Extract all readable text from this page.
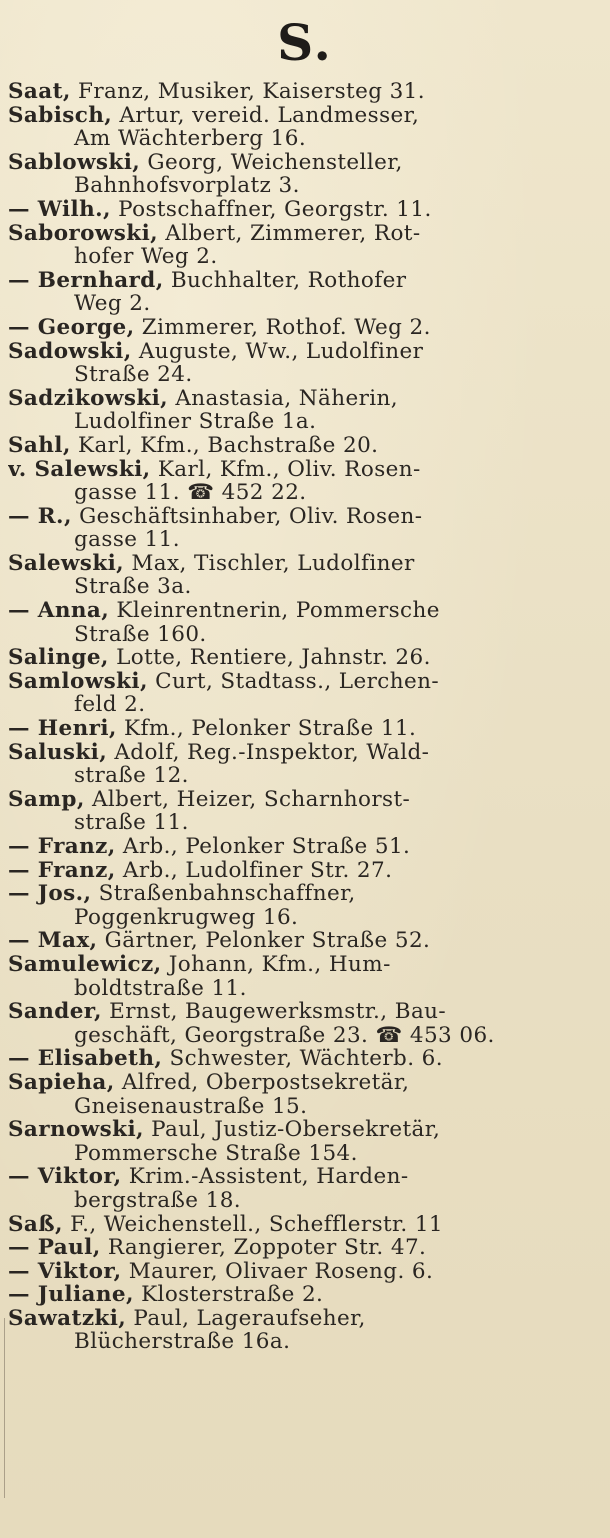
S.
Saat, Franz, Musiker, Kaisersteg 31.
Sabisch, Artur, vereid. Landmesser,
Am Wächterberg 16.
Sablowski, Georg, Weichensteller,
Bahnhofsvorplatz 3.
— Wilh., Postschaffner, Georgstr. 11.
Saborowski, Albert, Zimmerer, Rot-
hofer Weg 2.
— Bernhard, Buchhalter, Rothofer
Weg 2.
— George, Zimmerer, Rothof. Weg 2.
Sadowski, Auguste, Ww., Ludolfiner
Straße 24.
Sadzikowski, Anastasia, Näherin,
Ludolfiner Straße 1a.
Sahl, Karl, Kfm., Bachstraße 20.
v. Salewski, Karl, Kfm., Oliv. Rosen-
gasse 11. ☎ 452 22.
— R., Geschäftsinhaber, Oliv. Rosen-
gasse 11.
Salewski, Max, Tischler, Ludolfiner
Straße 3a.
— Anna, Kleinrentnerin, Pommersche
Straße 160.
Salinge, Lotte, Rentiere, Jahnstr. 26.
Samlowski, Curt, Stadtass., Lerchen-
feld 2.
— Henri, Kfm., Pelonker Straße 11.
Saluski, Adolf, Reg.-Inspektor, Wald-
straße 12.
Samp, Albert, Heizer, Scharnhorst-
straße 11.
— Franz, Arb., Pelonker Straße 51.
— Franz, Arb., Ludolfiner Str. 27.
— Jos., Straßenbahnschaffner,
Poggenkrugweg 16.
— Max, Gärtner, Pelonker Straße 52.
Samulewicz, Johann, Kfm., Hum-
boldtstraße 11.
Sander, Ernst, Baugewerksmstr., Bau-
geschäft, Georgstraße 23. ☎ 453 06.
— Elisabeth, Schwester, Wächterb. 6.
Sapieha, Alfred, Oberpostsekretär,
Gneisenaustraße 15.
Sarnowski, Paul, Justiz-Obersekretär,
Pommersche Straße 154.
— Viktor, Krim.-Assistent, Harden-
bergstraße 18.
Saß, F., Weichenstell., Schefflerstr. 11
— Paul, Rangierer, Zoppoter Str. 47.
— Viktor, Maurer, Olivaer Roseng. 6.
— Juliane, Klosterstraße 2.
Sawatzki, Paul, Lageraufseher,
Blücherstraße 16a.
